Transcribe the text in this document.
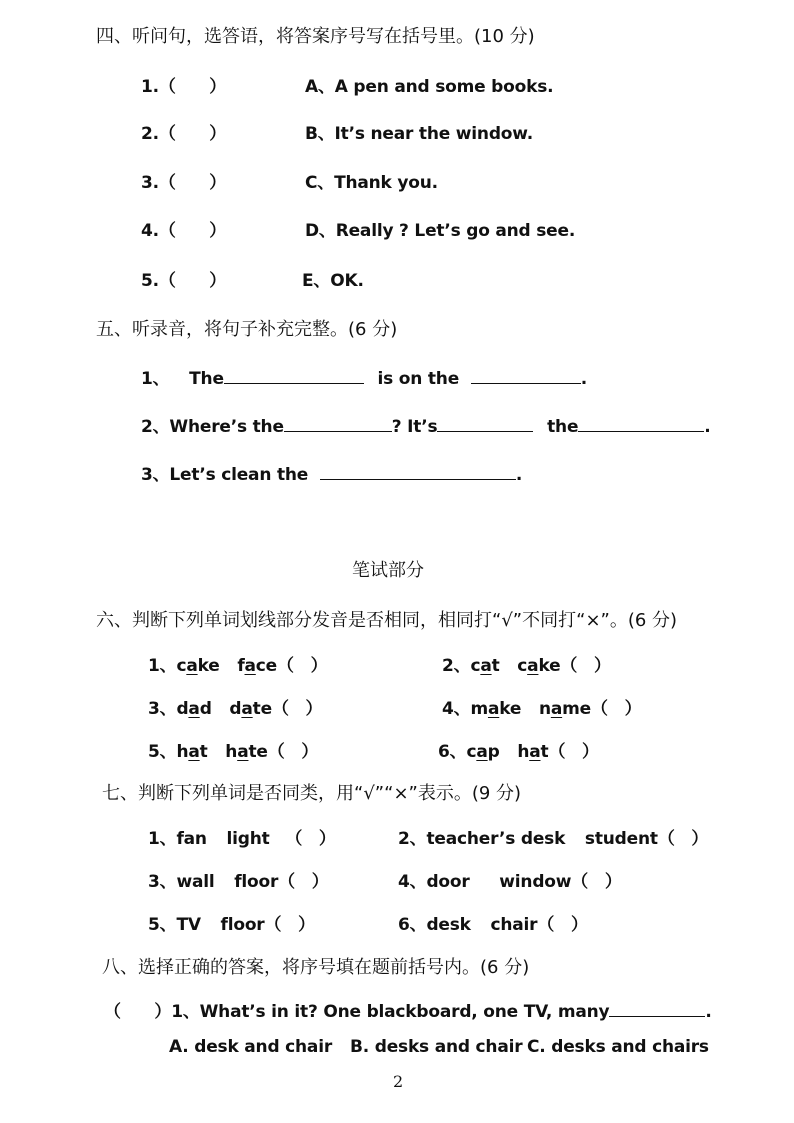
四、听问句，选答语，将答案序号写在括号里。(10 分)
1.（　　）	A、A pen and some books.
2.（　　）	B、It’s near the window.
3.（　　）	C、Thank you.
4.（　　）	D、Really ? Let’s go and see.
5.（　　）	E、OK.
五、听录音，将句子补充完整。(6 分)
1、 The	is on the	.
2、Where’s the	? It’s	the	.
3、Let’s clean the	.
笔试部分
六、判断下列单词划线部分发音是否相同，相同打“√”不同打“×”。(6 分)
1、cake face（　）	2、cat cake（　）
3、dad date（　）	4、make name（　）
5、hat hate（　）	6、cap hat（　）
七、判断下列单词是否同类，用“√”“×”表示。(9 分)
1、fan light （　）	2、teacher’s desk student（　）
3、wall floor（　）	4、door window（　）
5、TV floor（　）	6、desk chair（　）
八、选择正确的答案，将序号填在题前括号内。(6 分)
（　　）1、What’s in it? One blackboard, one TV, many	.
A. desk and chair B. desks and chair C. desks and chairs
2
